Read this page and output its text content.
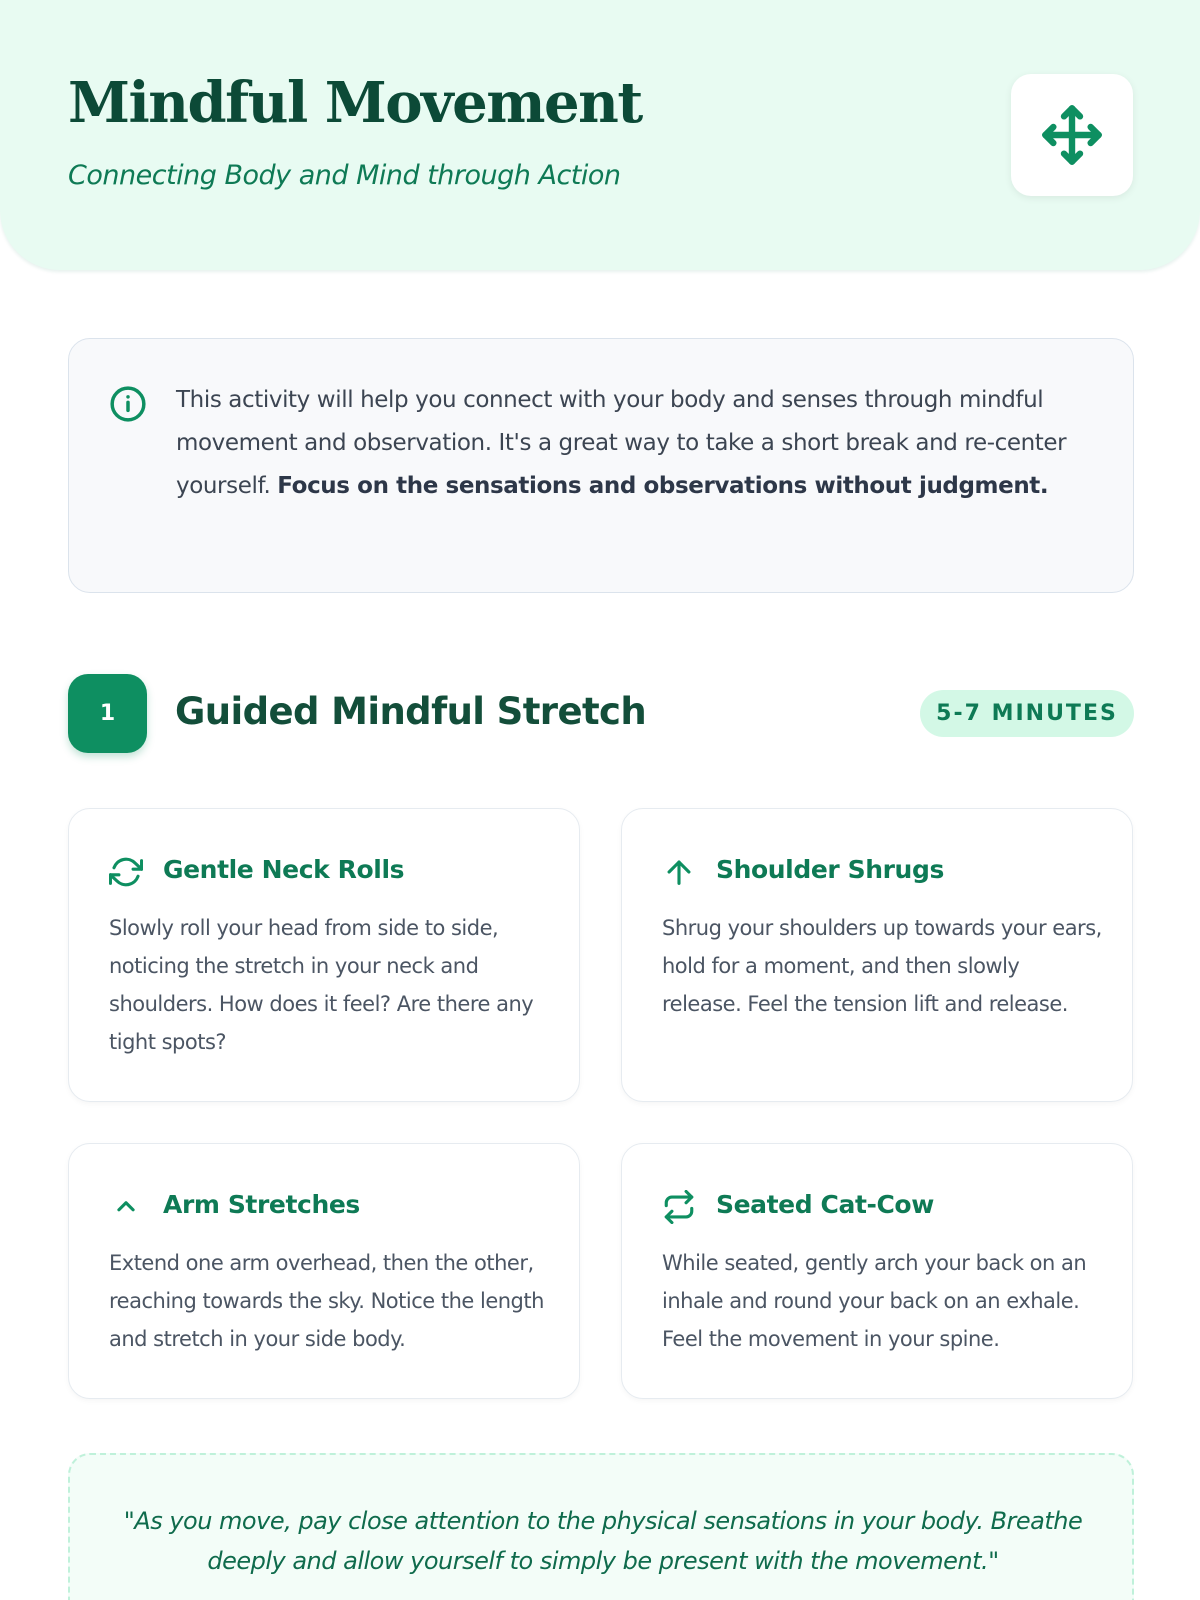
Mindful Movement

Connecting Body and Mind through Action

This activity will help you connect with your body and senses through mindful movement and observation. It's a great way to take a short break and re-center yourself. Focus on the sensations and observations without judgment.

1	Guided Mindful Stretch	5-7 MINUTES
Gentle Neck Rolls

Slowly roll your head from side to side, noticing the stretch in your neck and shoulders. How does it feel? Are there any tight spots?

Shoulder Shrugs

Shrug your shoulders up towards your ears, hold for a moment, and then slowly release. Feel the tension lift and release.

Arm Stretches

Extend one arm overhead, then the other, reaching towards the sky. Notice the length and stretch in your side body.

Seated Cat-Cow

While seated, gently arch your back on an inhale and round your back on an exhale. Feel the movement in your spine.

"As you move, pay close attention to the physical sensations in your body. Breathe deeply and allow yourself to simply be present with the movement."
